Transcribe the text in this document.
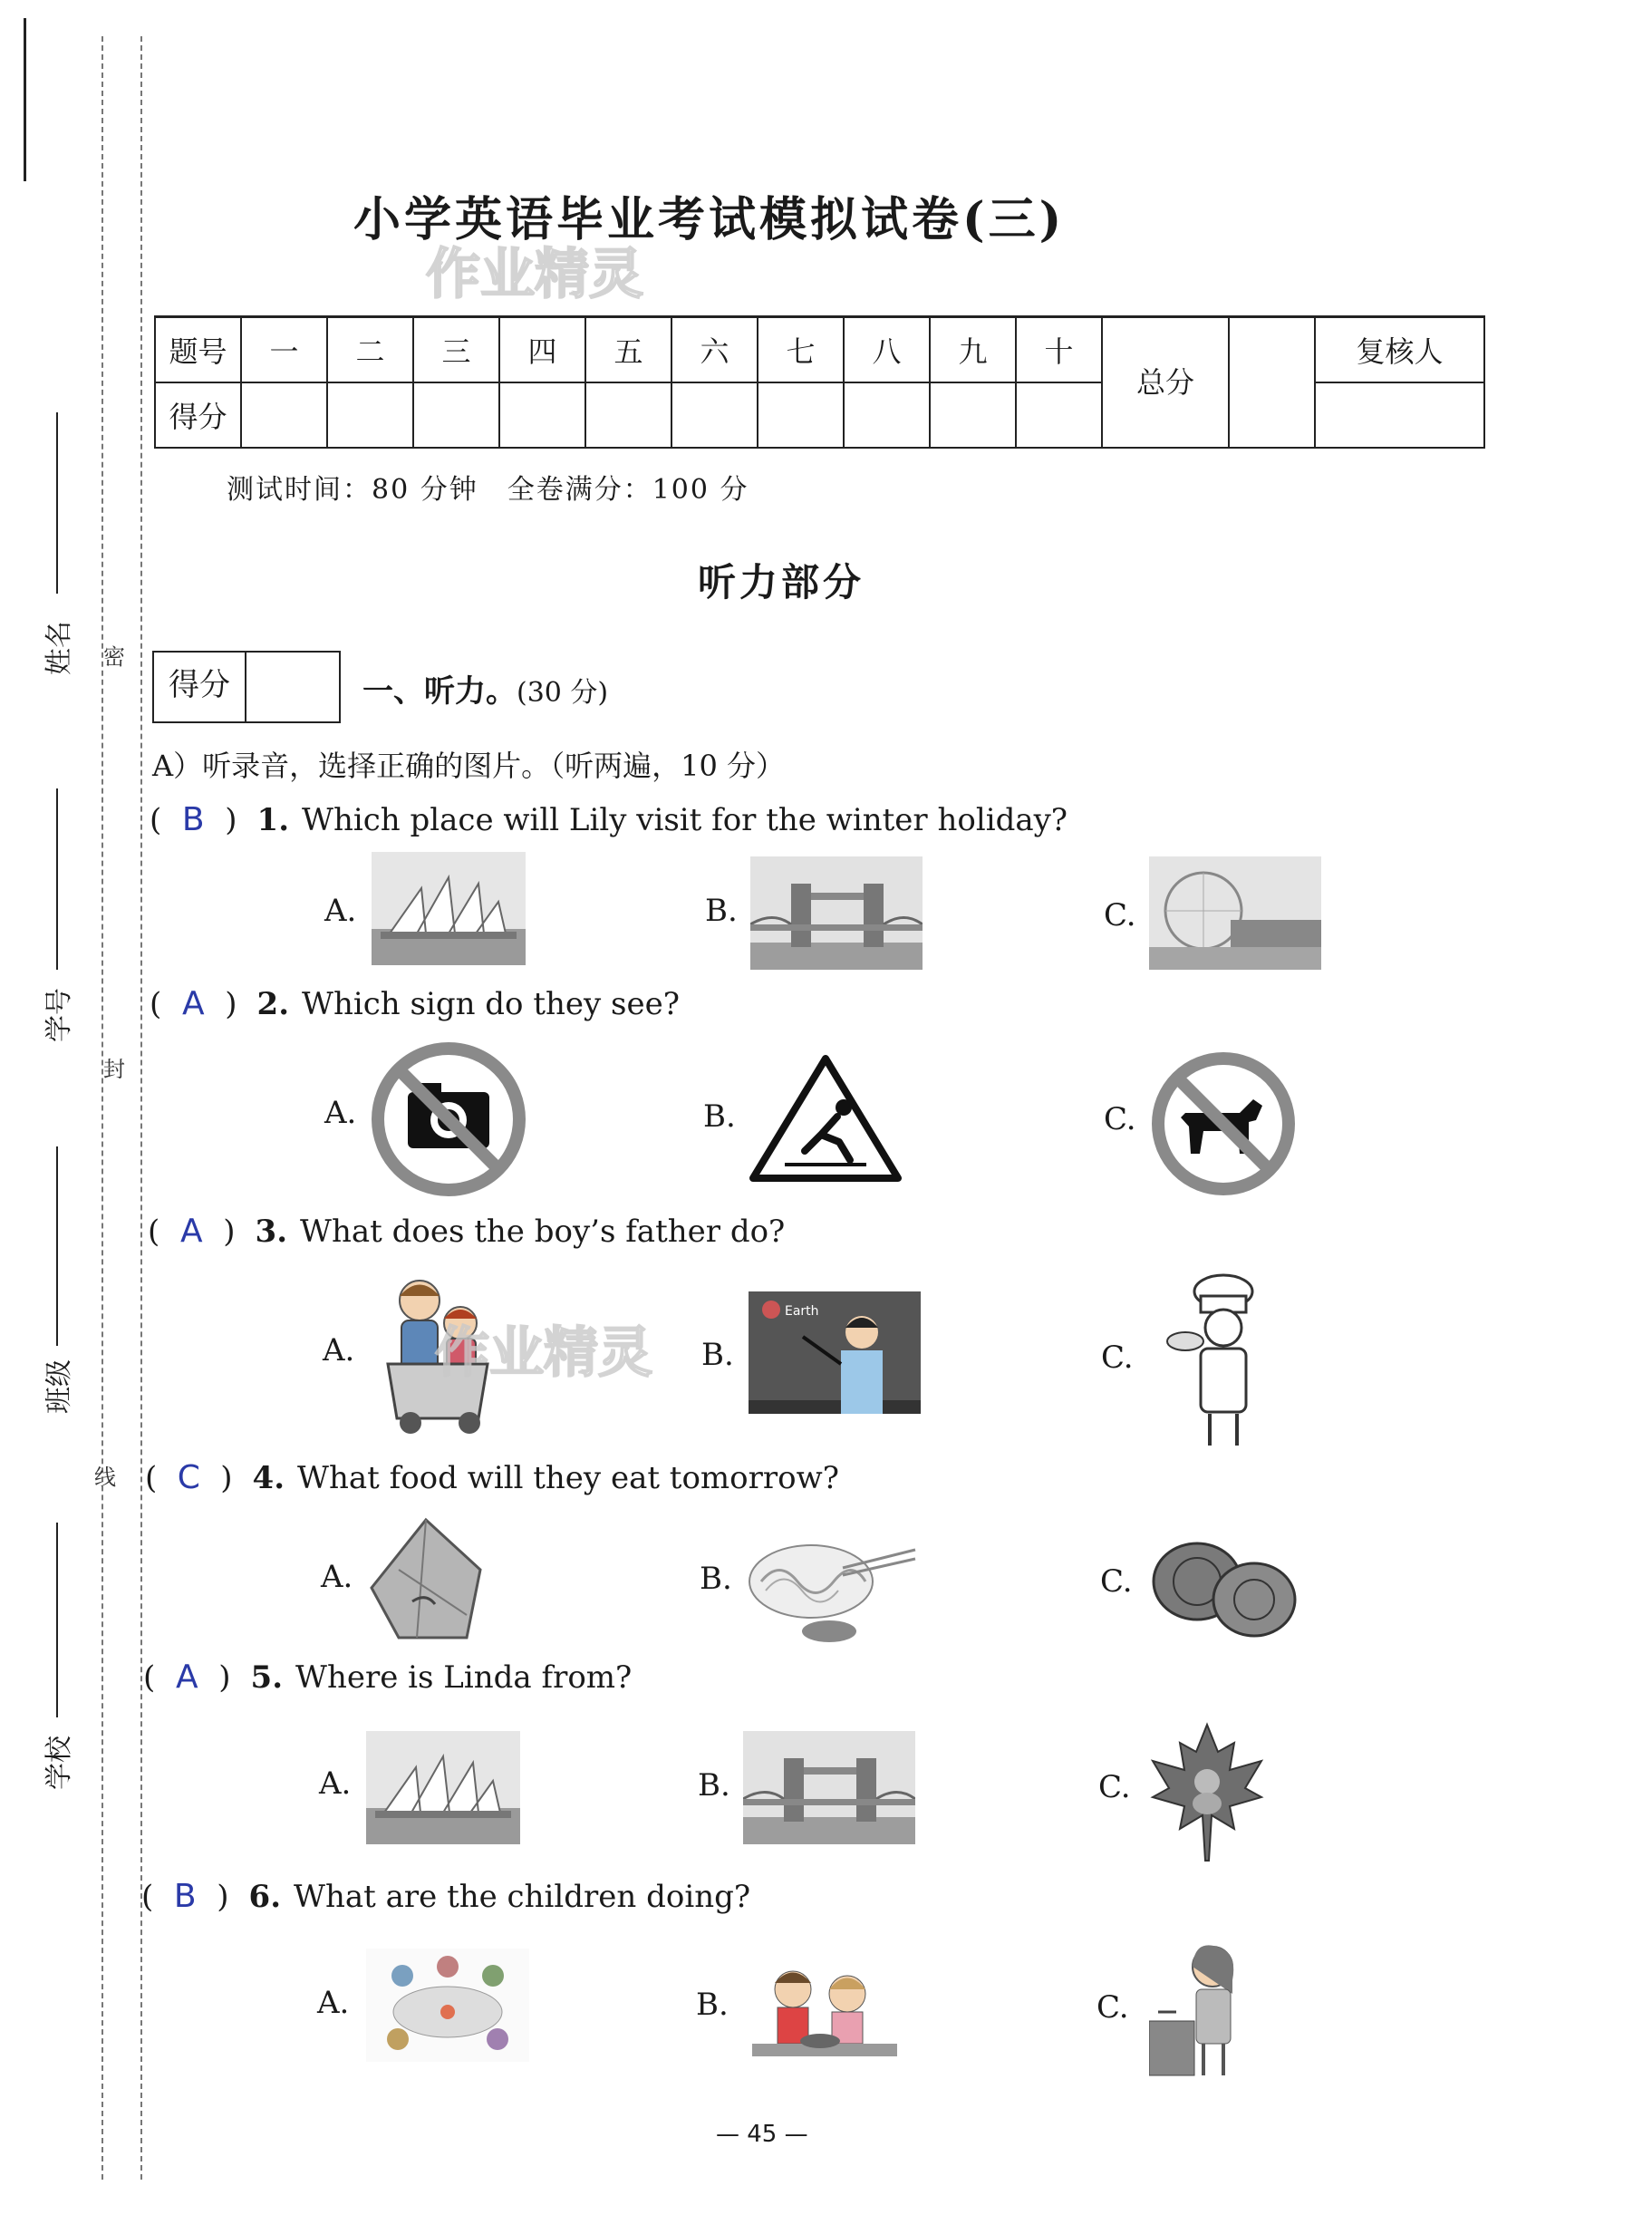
姓名
学号
班级
学校
密
封
线
小学英语毕业考试模拟试卷(三)
作业精灵
题号	一	二	三	四	五	六	七	八	九	十	总分		复核人
得分													
测试时间：80 分钟　全卷满分：100 分
听力部分
得分	一、听力。(30 分)
A）听录音，选择正确的图片。（听两遍，10 分）
( B ) 1. Which place will Lily visit for the winter holiday?
A.	B.	C.
( A ) 2. Which sign do they see?
A.	B.	C.
( A ) 3. What does the boy’s father do?
A. 作业精灵 B.	C.
( C ) 4. What food will they eat tomorrow?
A.	B.	C.
( A ) 5. Where is Linda from?
A.	B.	C.
( B ) 6. What are the children doing?
A.	B.	C.
— 45 —
